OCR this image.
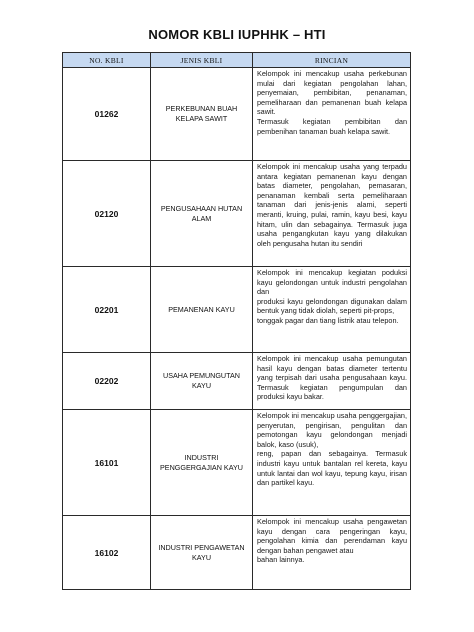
NOMOR KBLI IUPHHK – HTI
NO. KBLI	JENIS KBLI	RINCIAN
01262	PERKEBUNAN BUAH KELAPA SAWIT	Kelompok ini mencakup usaha perkebunan mulai dari kegiatan pengolahan lahan, penyemaian, pembibitan, penanaman, pemeliharaan dan pemanenan buah kelapa sawit.

Termasuk kegiatan pembibitan dan pembenihan tanaman buah kelapa sawit.

02120	PENGUSAHAAN HUTAN ALAM	Kelompok ini mencakup usaha yang terpadu antara kegiatan pemanenan kayu dengan batas diameter, pengolahan, pemasaran, penanaman kembali serta pemeliharaan tanaman dari jenis-jenis alami, seperti meranti, kruing, pulai, ramin, kayu besi, kayu hitam, ulin dan sebagainya. Termasuk juga usaha pengangkutan kayu yang dilakukan oleh pengusaha hutan itu sendiri

02201	PEMANENAN KAYU	Kelompok ini mencakup kegiatan poduksi kayu gelondongan untuk industri pengolahan dan

produksi kayu gelondongan digunakan dalam bentuk yang tidak diolah, seperti pit-props,

tonggak pagar dan tiang listrik atau telepon.

02202	USAHA PEMUNGUTAN KAYU	Kelompok ini mencakup usaha pemungutan hasil kayu dengan batas diameter tertentu yang terpisah dari usaha pengusahaan kayu. Termasuk kegiatan pengumpulan dan produksi kayu bakar.

16101	INDUSTRI PENGGERGAJIAN KAYU	Kelompok ini mencakup usaha penggergajian, penyerutan, pengirisan, pengulitan dan pemotongan kayu gelondongan menjadi balok, kaso (usuk),

reng, papan dan sebagainya. Termasuk industri kayu untuk bantalan rel kereta, kayu untuk lantai dan wol kayu, tepung kayu, irisan dan partikel kayu.

16102	INDUSTRI PENGAWETAN KAYU	Kelompok ini mencakup usaha pengawetan kayu dengan cara pengeringan kayu, pengolahan kimia dan perendaman kayu dengan bahan pengawet atau

bahan lainnya.
